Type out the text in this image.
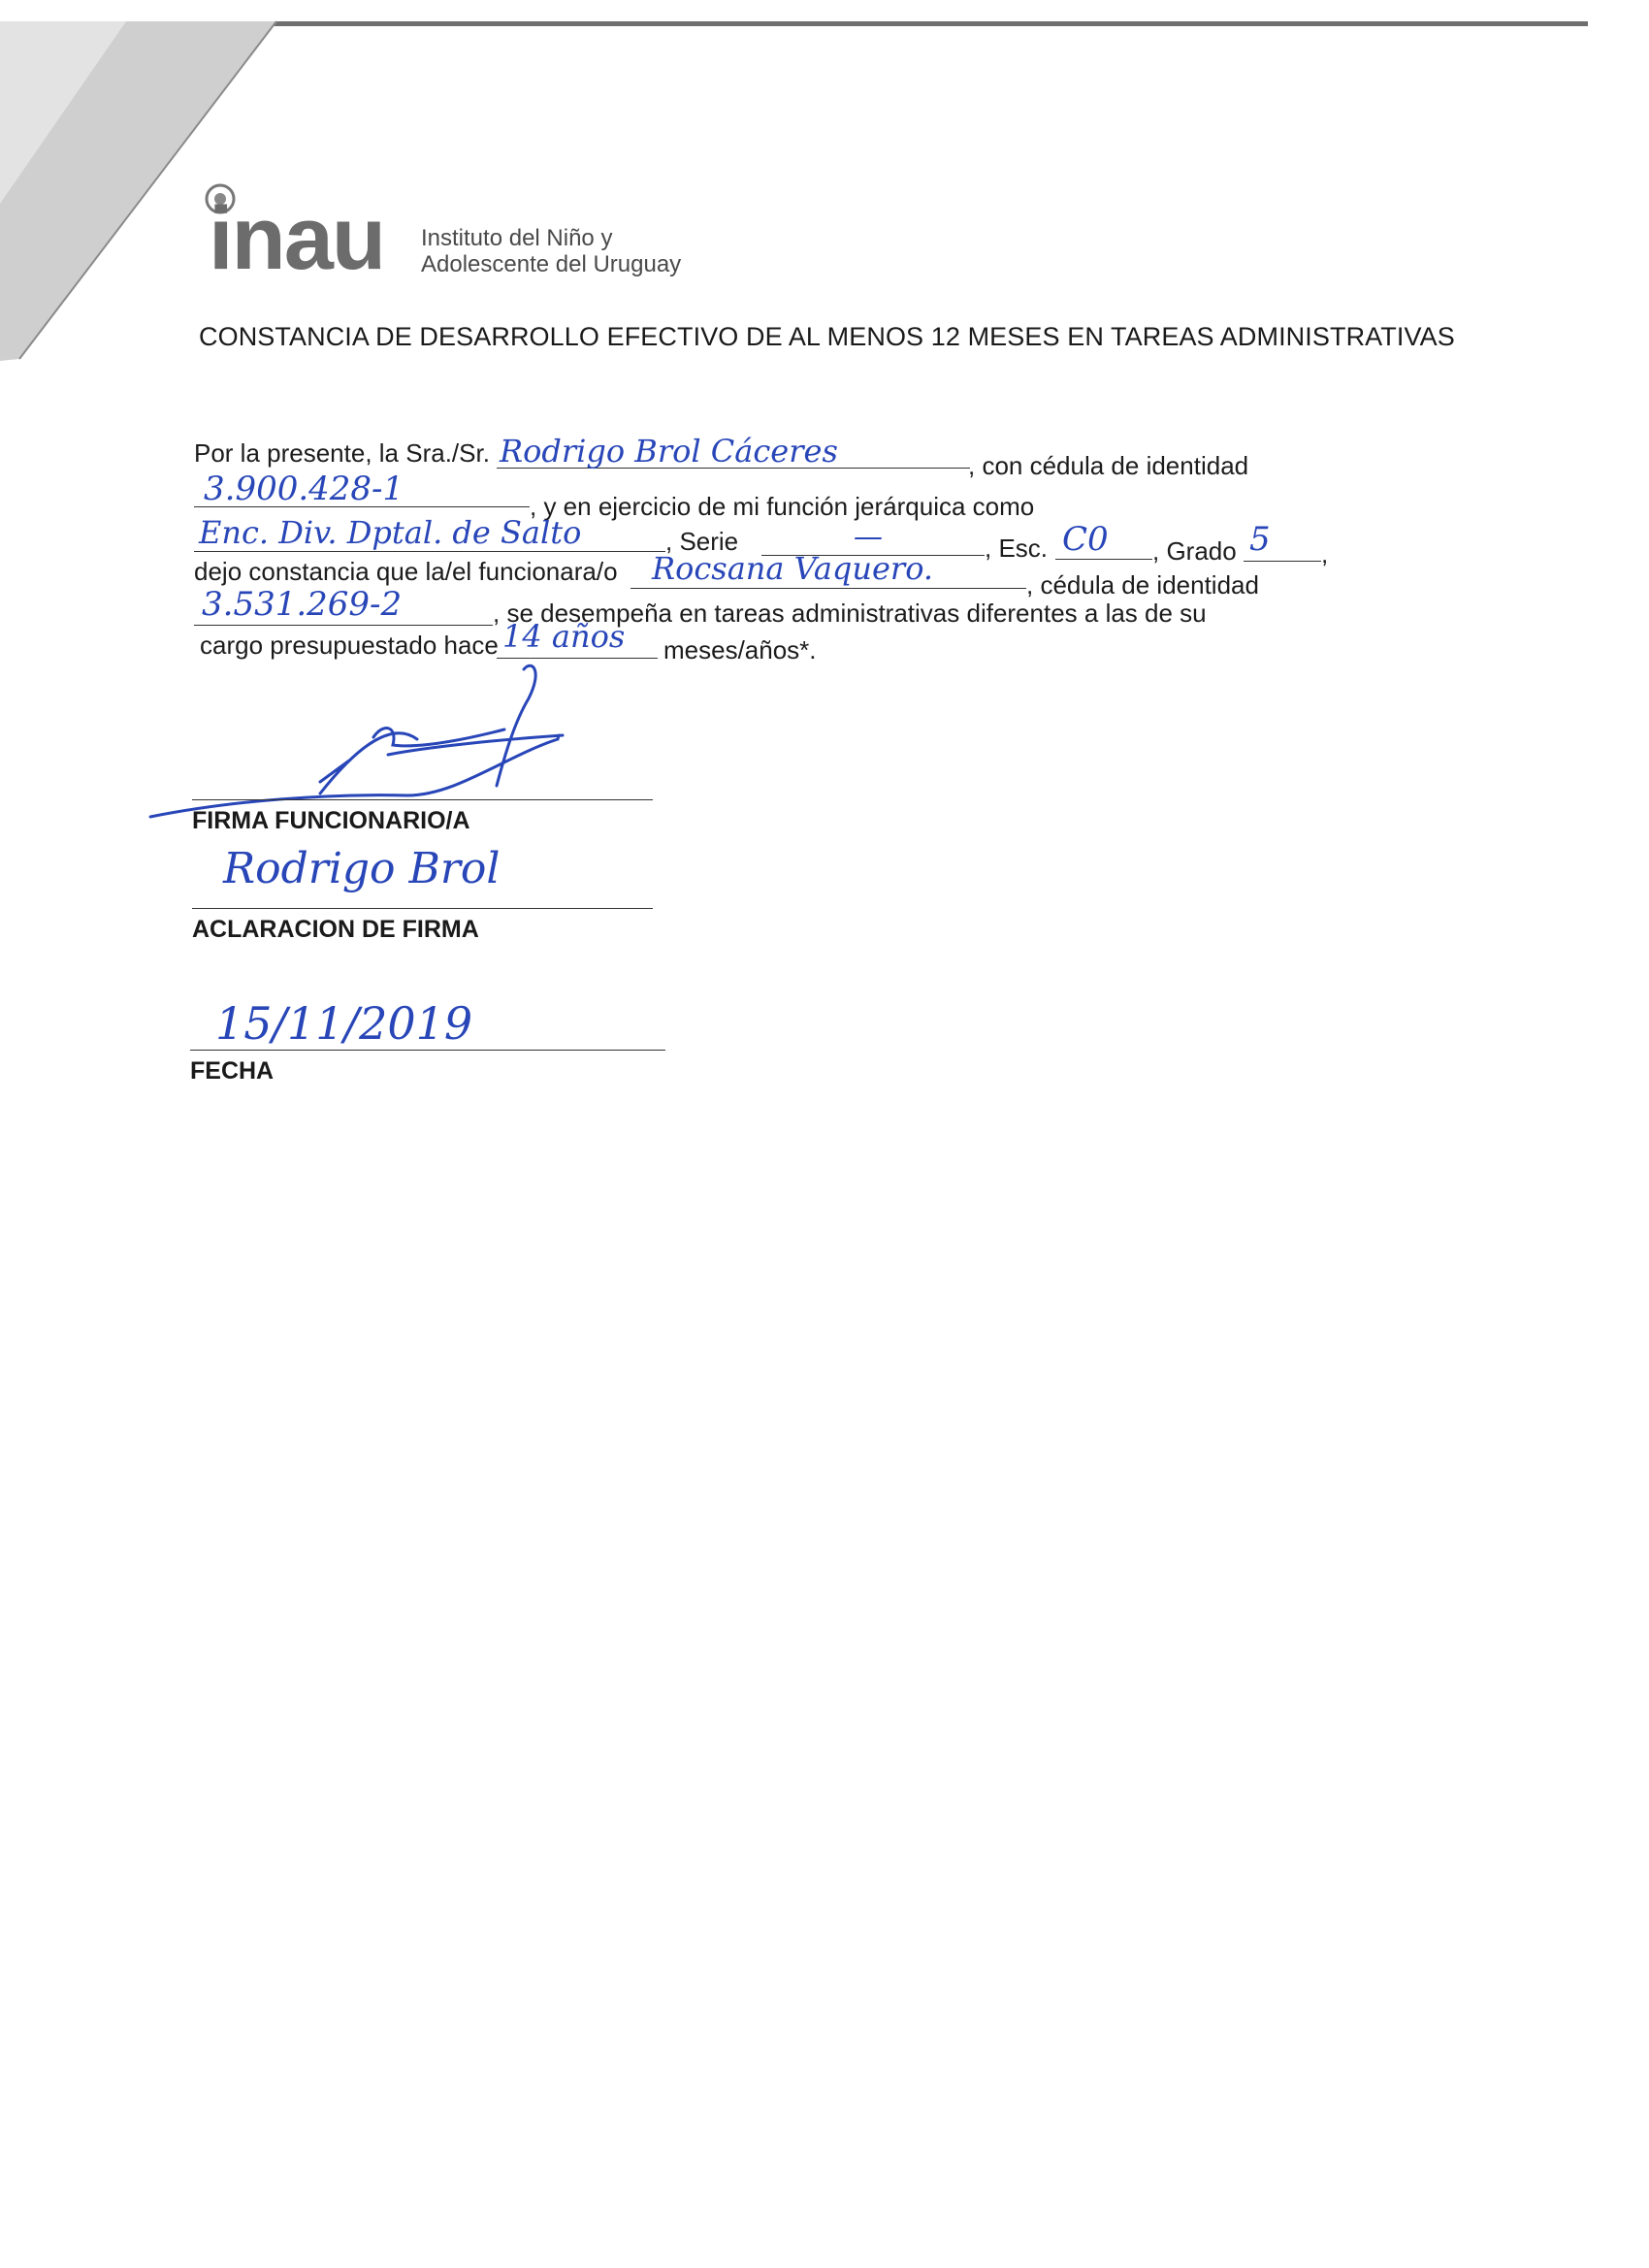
inau Instituto del Niño y
Adolescente del Uruguay
CONSTANCIA DE DESARROLLO EFECTIVO DE AL MENOS 12 MESES EN TAREAS ADMINISTRATIVAS
Por la presente, la Sra./Sr. Rodrigo Brol Cáceres	, con cédula de identidad
3.900.428-1	, y en ejercicio de mi función jerárquica como
Enc. Div. Dptal. de Salto	, Serie	—	, Esc. C0 , Grado 5 ,
dejo constancia que la/el funcionara/o Rocsana Vaquero.	, cédula de identidad
3.531.269-2	, se desempeña en tareas administrativas diferentes a las de su
cargo presupuestado hace 14 años meses/años*.
FIRMA FUNCIONARIO/A
Rodrigo Brol
ACLARACION DE FIRMA
15/11/2019
FECHA
